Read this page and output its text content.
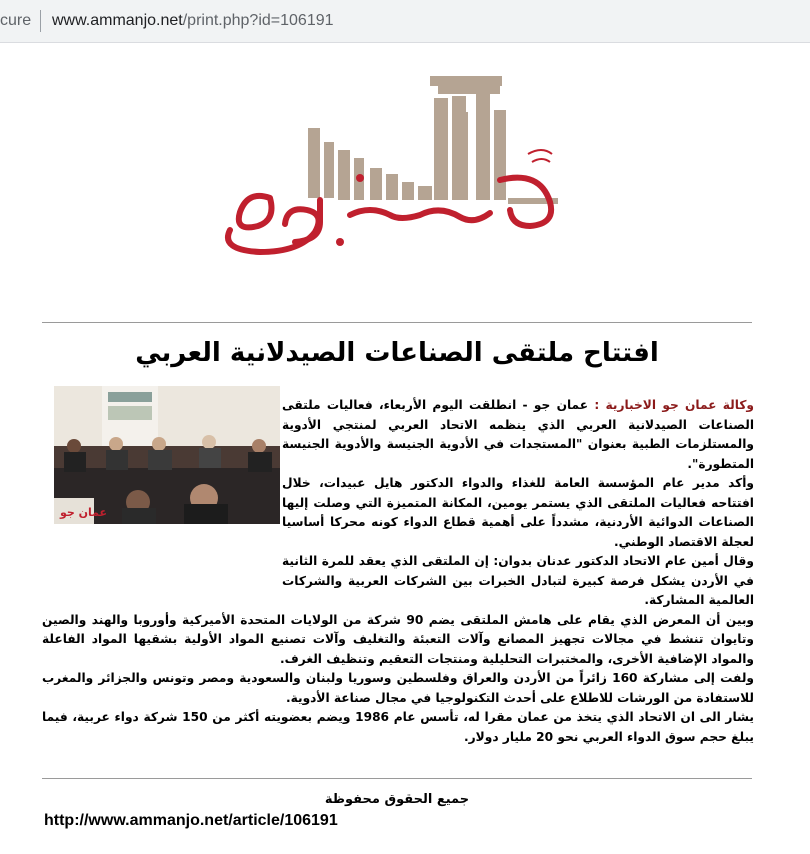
cure www.ammanjo.net/print.php?id=106191
افتتاح ملتقى الصناعات الصيدلانية العربي
عمان جو

وكالة عمان جو الاخبارية : عمان جو - انطلقت اليوم الأربعاء، فعاليات ملتقى الصناعات الصيدلانية العربي الذي ينظمه الاتحاد العربي لمنتجي الأدوية والمستلزمات الطبية بعنوان "المستجدات في الأدوية الجنيسة والأدوية الجنيسة المتطورة".

وأكد مدير عام المؤسسة العامة للغذاء والدواء الدكتور هايل عبيدات، خلال افتتاحه فعاليات الملتقى الذي يستمر يومين، المكانة المتميزة التي وصلت إليها الصناعات الدوائية الأردنية، مشدداً على أهمية قطاع الدواء كونه محركا أساسيا لعجلة الاقتصاد الوطني.

وقال أمين عام الاتحاد الدكتور عدنان بدوان: إن الملتقى الذي يعقد للمرة الثانية في الأردن يشكل فرصة كبيرة لتبادل الخبرات بين الشركات العربية والشركات العالمية المشاركة.

وبين أن المعرض الذي يقام على هامش الملتقى يضم 90 شركة من الولايات المتحدة الأميركية وأوروبا والهند والصين وتايوان تنشط في مجالات تجهيز المصانع وآلات التعبئة والتغليف وآلات تصنيع المواد الأولية بشقيها المواد الفاعلة والمواد الإضافية الأخرى، والمختبرات التحليلية ومنتجات التعقيم وتنظيف الغرف.

ولفت إلى مشاركة 160 زائراً من الأردن والعراق وفلسطين وسوريا ولبنان والسعودية ومصر وتونس والجزائر والمغرب للاستفادة من الورشات للاطلاع على أحدث التكنولوجيا في مجال صناعة الأدوية.

يشار الى ان الاتحاد الذي يتخذ من عمان مقرا له، تأسس عام 1986 ويضم بعضويته أكثر من 150 شركة دواء عربية، فيما يبلغ حجم سوق الدواء العربي نحو 20 مليار دولار.

جميع الحقوق محفوظة
http://www.ammanjo.net/article/106191
